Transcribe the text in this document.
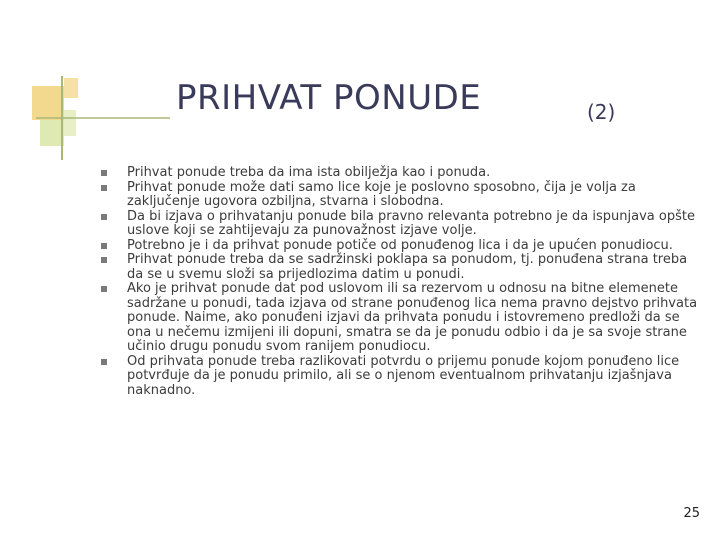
PRIHVAT PONUDE	(2)
Prihvat ponude treba da ima ista obilježja kao i ponuda.
Prihvat ponude može dati samo lice koje je poslovno sposobno, čija je volja za zaključenje ugovora ozbiljna, stvarna i slobodna.
Da bi izjava o prihvatanju ponude bila pravno relevanta potrebno je da ispunjava opšte uslove koji se zahtijevaju za punovažnost izjave volje.
Potrebno je i da prihvat ponude potiče od ponuđenog lica i da je upućen ponudiocu.
Prihvat ponude treba da se sadržinski poklapa sa ponudom, tj. ponuđena strana treba da se u svemu složi sa prijedlozima datim u ponudi.
Ako je prihvat ponude dat pod uslovom ili sa rezervom u odnosu na bitne elemenete sadržane u ponudi, tada izjava od strane ponuđenog lica nema pravno dejstvo prihvata ponude. Naime, ako ponuđeni izjavi da prihvata ponudu i istovremeno predloži da se ona u nečemu izmijeni ili dopuni, smatra se da je ponudu odbio i da je sa svoje strane učinio drugu ponudu svom ranijem ponudiocu.
Od prihvata ponude treba razlikovati potvrdu o prijemu ponude kojom ponuđeno lice potvrđuje da je ponudu primilo, ali se o njenom eventualnom prihvatanju izjašnjava naknadno.
25
